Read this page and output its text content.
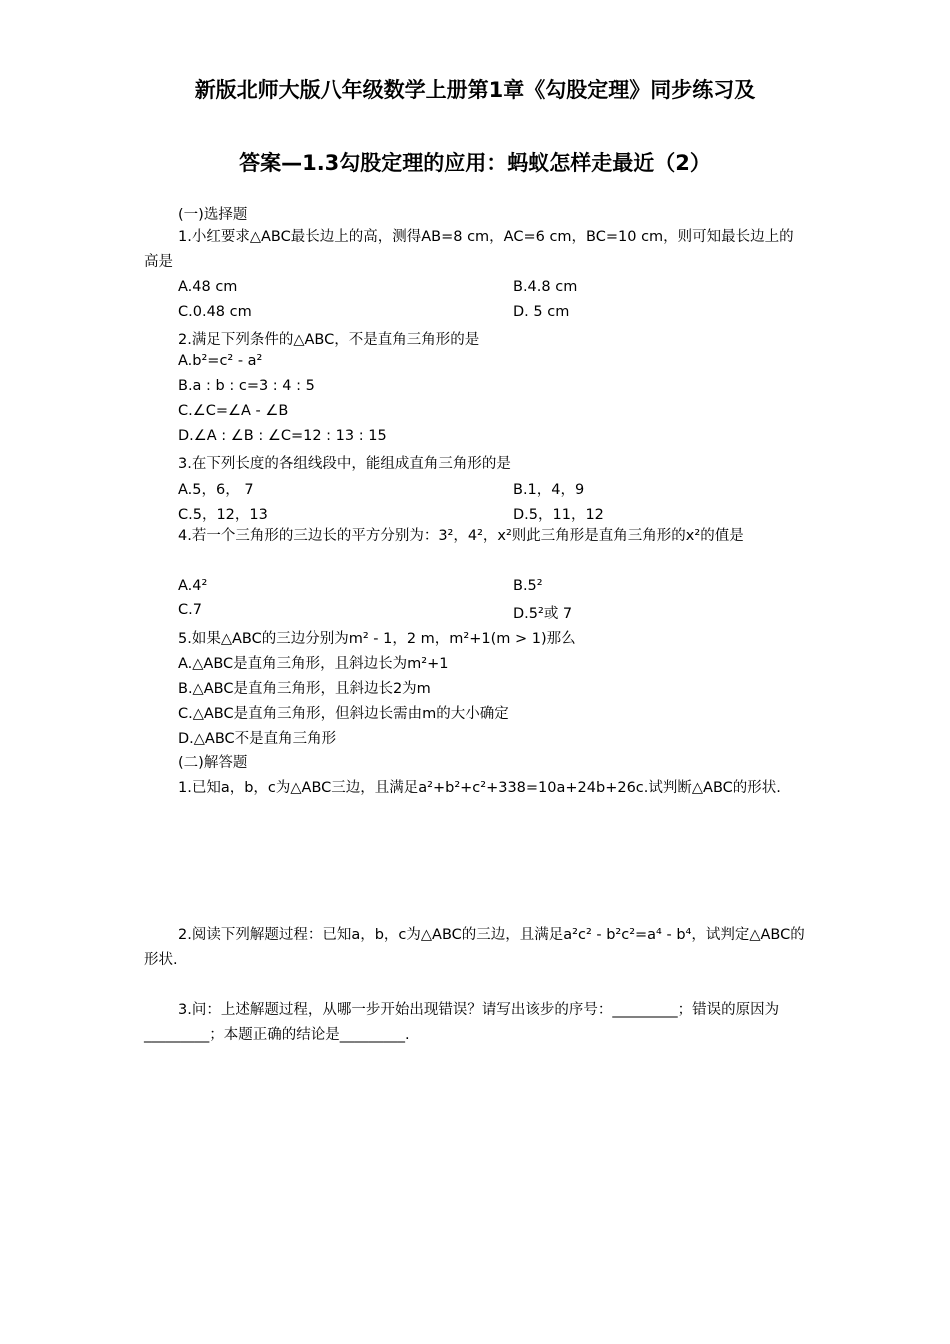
新版北师大版八年级数学上册第1章《勾股定理》同步练习及
答案—1.3勾股定理的应用：蚂蚁怎样走最近（2）
(一)选择题
1.小红要求△ABC最长边上的高，测得AB=8 cm，AC=6 cm，BC=10 cm，则可知最长边上的高是
A.48 cm	B.4.8 cm
C.0.48 cm	D. 5 cm
2.满足下列条件的△ABC，不是直角三角形的是
A.b²=c² - a²
B.a : b : c=3 : 4 : 5
C.∠C=∠A - ∠B
D.∠A : ∠B : ∠C=12 : 13 : 15
3.在下列长度的各组线段中，能组成直角三角形的是
A.5，6， 7	B.1，4，9
C.5，12，13	D.5，11，12
4.若一个三角形的三边长的平方分别为：3²，4²，x²则此三角形是直角三角形的x²的值是
A.4²	B.5²
C.7	D.5²或 7
5.如果△ABC的三边分别为m² - 1，2 m，m²+1(m > 1)那么
A.△ABC是直角三角形，且斜边长为m²+1
B.△ABC是直角三角形，且斜边长2为m
C.△ABC是直角三角形，但斜边长需由m的大小确定
D.△ABC不是直角三角形
(二)解答题
1.已知a，b，c为△ABC三边，且满足a²+b²+c²+338=10a+24b+26c.试判断△ABC的形状.
2.阅读下列解题过程：已知a，b，c为△ABC的三边，且满足a²c² - b²c²=a⁴ - b⁴，试判定△ABC的形状.
3.问：上述解题过程，从哪一步开始出现错误？请写出该步的序号：_________；错误的原因为_________；本题正确的结论是_________.
